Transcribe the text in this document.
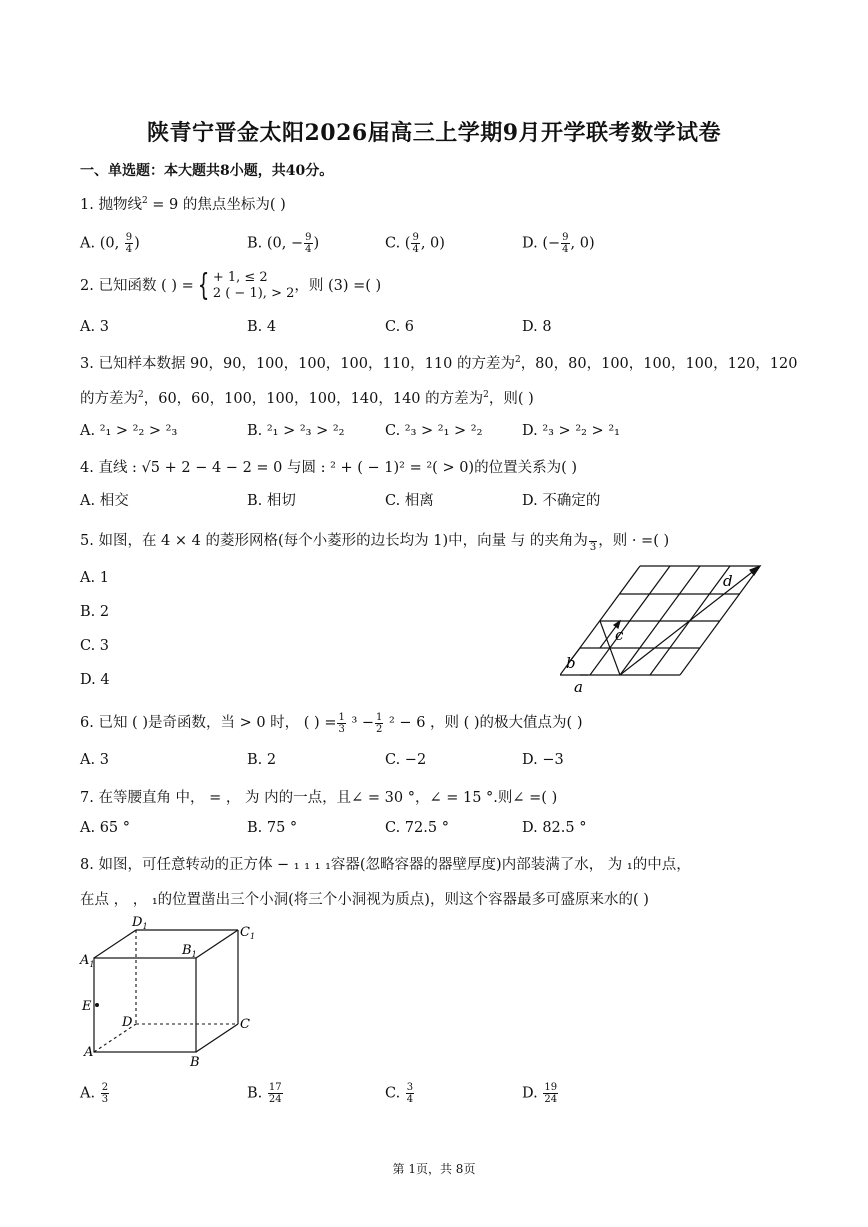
陕青宁晋金太阳2026届高三上学期9月开学联考数学试卷
一、单选题：本大题共8小题，共40分。
1. 抛物线$^2$ = 9 的焦点坐标为( )
A. (0, $\frac{9}{4}$ )	B. (0, − $\frac{9}{4}$ )	C. ( $\frac{9}{4}$ , 0)	D. (− $\frac{9}{4}$ , 0)
2. 已知函数 ( ) = { + 1, ≤ 2
2 ( − 1), > 2 ，则 (3) =( )
A. 3	B. 4	C. 6	D. 8
3. 已知样本数据 90，90，100，100，100，110，110 的方差为$^2$，80，80，100，100，100，120，120
的方差为$^2$，60，60，100，100，100，140，140 的方差为$^2$，则( )
A. ²₁ > ²₂ > ²₃	B. ²₁ > ²₃ > ²₂	C. ²₃ > ²₁ > ²₂	D. ²₃ > ²₂ > ²₁
4. 直线 : √5 + 2 − 4 − 2 = 0 与圆 : ² + ( − 1)² = ²( > 0)的位置关系为( )
A. 相交	B. 相切	C. 相离	D. 不确定的
5. 如图，在 4 × 4 的菱形网格(每个小菱形的边长均为 1)中，向量 与 的夹角为
3 ，则 · =( )
A. 1
B. 2
C. 3
D. 4	a
b
c
d
6. 已知 ( )是奇函数，当 > 0 时， ( ) = $\frac{1}{3} ^3 - \frac{1}{2} ^2 - 6$ ，则 ( )的极大值点为( )
A. 3	B. 2	C. −2	D. −3
7. 在等腰直角 中， = ， 为 内的一点，且∠ = 30 °，∠ = 15 °.则∠ =( )
A. 65 °	B. 75 °	C. 72.5 °	D. 82.5 °
8. 如图，可任意转动的正方体 − ₁ ₁ ₁ ₁容器(忽略容器的器壁厚度)内部装满了水， 为 ₁的中点，
在点 ， ， ₁的位置凿出三个小洞(将三个小洞视为质点)，则这个容器最多可盛原来水的( )
$D_1$
$B_1$
$C_1$
$A_1$
E
D	C
A
B
A. $\frac{2}{3}$	B. $\frac{17}{24}$	C. $\frac{3}{4}$	D. $\frac{19}{24}$
第 1页，共 8页
